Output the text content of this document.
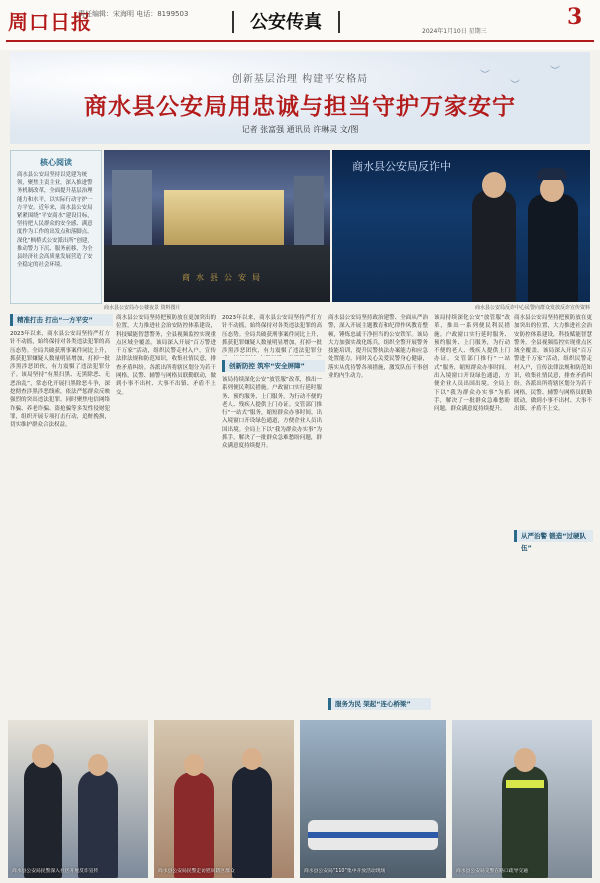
周口日报
责任编辑：宋海明 电话：8199503	公安传真	2024年1月10日 星期三
3
︶
︶
︶
创新基层治理 构建平安格局
商水县公安局用忠诚与担当守护万家安宁
记者 张富强 通讯员 许琳灵 文/图
核心阅读
商水县公安局坚持以党建为统领，聚焦主责主业，深入推进警务机制改革，全面提升基层治理能力和水平，以实际行动守护一方平安。近年来，商水县公安局紧紧围绕“平安商水”建设目标，坚持把人民群众的安全感、满意度作为工作的出发点和落脚点，深化“枫桥式公安派出所”创建，推动警力下沉、服务前移，为全县经济社会高质量发展营造了安全稳定的社会环境。
商水县公安局
商水县公安局办公楼夜景 资料图片
商水县公安局反诈中
商水县公安局反诈中心民警向群众发放反诈宣传资料
精准打击 打出“一方平安”
2023年以来，商水县公安局坚持严打方针不动摇，始终保持对各类违法犯罪的高压态势。全局共破获刑事案件同比上升，抓获犯罪嫌疑人数量明显增加，打掉一批涉黑涉恶团伙，有力震慑了违法犯罪分子。该局坚持“有黑扫黑、无黑除恶、无恶治乱”，常态化开展扫黑除恶斗争，深挖彻查涉黑涉恶线索，依法严惩群众反映强烈的突出违法犯罪。同时聚焦电信网络诈骗、养老诈骗、盗抢骗等多发性侵财犯罪，组织开展专项打击行动，追赃挽损，切实维护群众合法权益。
商水县公安局坚持把预防放在更加突出的位置，大力推进社会治安防控体系建设，科技赋能智慧警务，全县视频监控实现重点区域全覆盖。该局深入开展“百万警进千万家”活动，组织民警走村入户，宣传法律法规和防范知识，收集社情民意，排查矛盾纠纷。各派出所将辖区划分为若干网格，民警、辅警与网格员联勤联动，做到小事不出村、大事不出镇、矛盾不上交。
创新防控 筑牢“安全屏障”
该局持续深化公安“放管服”改革，推出一系列便民利民措施。户政窗口实行延时服务、预约服务、上门服务，为行动不便的老人、残疾人提供上门办证。交管部门推行“一站式”服务，缩短群众办事时间。出入境窗口开设绿色通道，方便企业人员出国出境。全局上下以“我为群众办实事”为抓手，解决了一批群众急难愁盼问题，群众满意度持续提升。
2023年以来，商水县公安局坚持严打方针不动摇，始终保持对各类违法犯罪的高压态势。全局共破获刑事案件同比上升，抓获犯罪嫌疑人数量明显增加，打掉一批涉黑涉恶团伙，有力震慑了违法犯罪分
商水县公安局坚持政治建警、全面从严治警，深入开展主题教育和纪律作风教育整顿，锤炼忠诚干净担当的公安铁军。该局大力加强实战化练兵，组织全警开展警务技能培训，提升民警执法办案能力和应急处置能力。同时关心关爱民警身心健康，落实从优待警各项措施，激发队伍干事创业的内生动力。
该局持续深化公安“放管服”改革，推出一系列便民利民措施。户政窗口实行延时服务、预约服务、上门服务，为行动不便的老人、残疾人提供上门办证。交管部门推行“一站式”服务，缩短群众办事时间。出入境窗口开设绿色通道，方便企业人员出国出境。全局上下以“我为群众办实事”为抓手，解决了一批群众急难愁盼问题，群众满意度持续提升。
商水县公安局坚持把预防放在更加突出的位置，大力推进社会治安防控体系建设，科技赋能智慧警务，全县视频监控实现重点区域全覆盖。该局深入开展“百万警进千万家”活动，组织民警走村入户，宣传法律法规和防范知识，收集社情民意，排查矛盾纠纷。各派出所将辖区划分为若干网格，民警、辅警与网格员联勤联动，做到小事不出村、大事不出镇、矛盾不上交。
服务为民 架起“连心桥梁”
从严治警 锻造“过硬队伍”
商水县公安局民警深入社区开展反诈宣传	商水县公安局民警走访慰问辖区群众	商水县公安局“110”集中开放活动现场	商水县公安局交警在路口疏导交通
